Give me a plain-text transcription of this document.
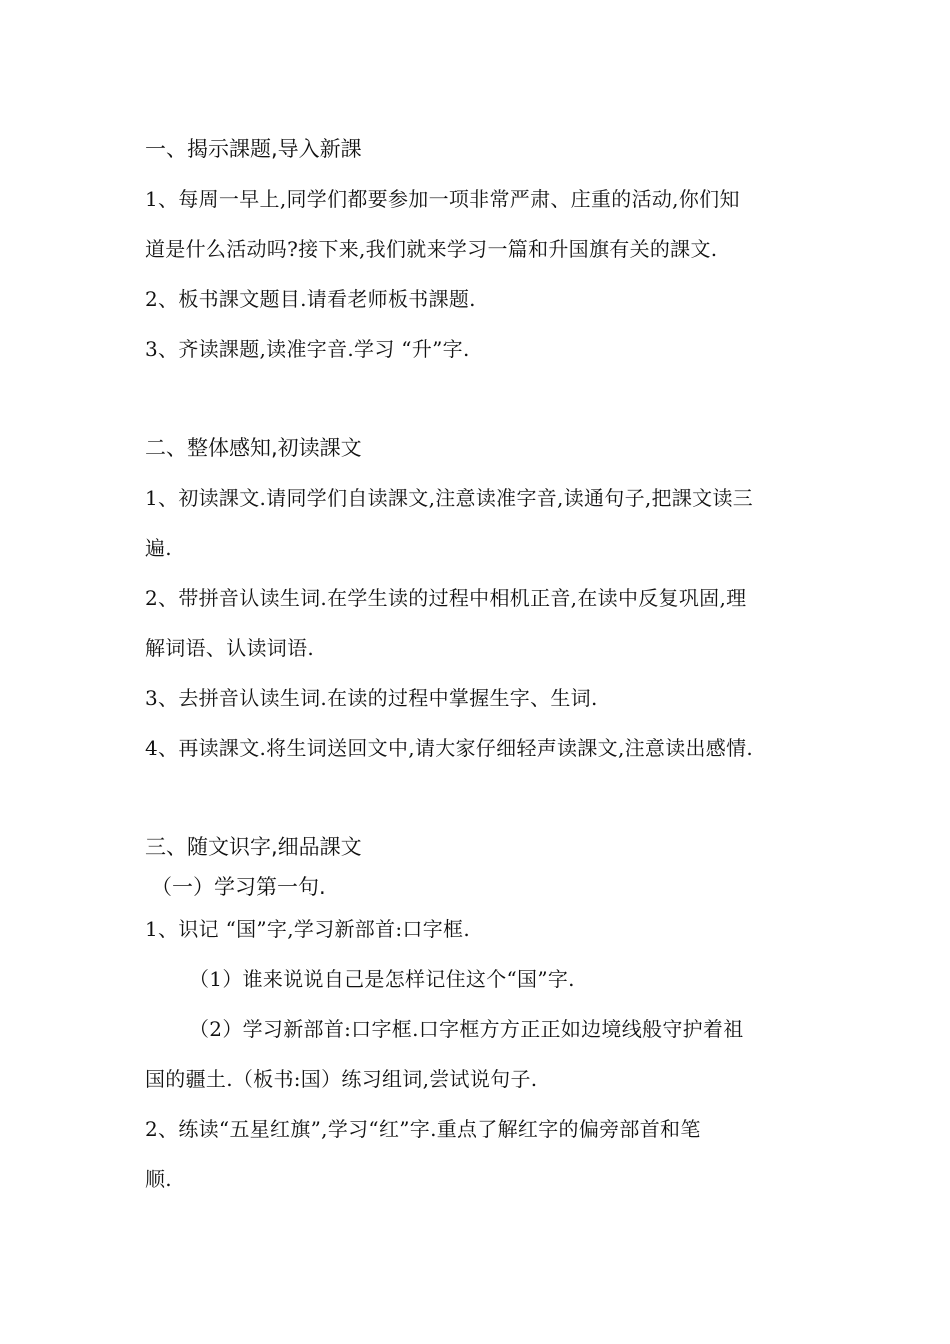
一、揭示課题,导入新課

1、每周一早上,同学们都要参加一项非常严肃、庄重的活动,你们知

道是什么活动吗?接下来,我们就来学习一篇和升国旗有关的課文.

2、板书課文题目.请看老师板书課题.

3、齐读課题,读准字音.学习 “升”字.

二、整体感知,初读課文

1、初读課文.请同学们自读課文,注意读准字音,读通句子,把課文读三

遍.

2、带拼音认读生词.在学生读的过程中相机正音,在读中反复巩固,理

解词语、认读词语.

3、去拼音认读生词.在读的过程中掌握生字、生词.

4、再读課文.将生词送回文中,请大家仔细轻声读課文,注意读出感情.

三、随文识字,细品課文
（一）学习第一句.

1、识记 “国”字,学习新部首:口字框.

（1）谁来说说自己是怎样记住这个“国”字.

（2）学习新部首:口字框.口字框方方正正如边境线般守护着祖

国的疆土.（板书:国）练习组词,尝试说句子.

2、练读“五星红旗”,学习“红”字.重点了解红字的偏旁部首和笔

顺.
